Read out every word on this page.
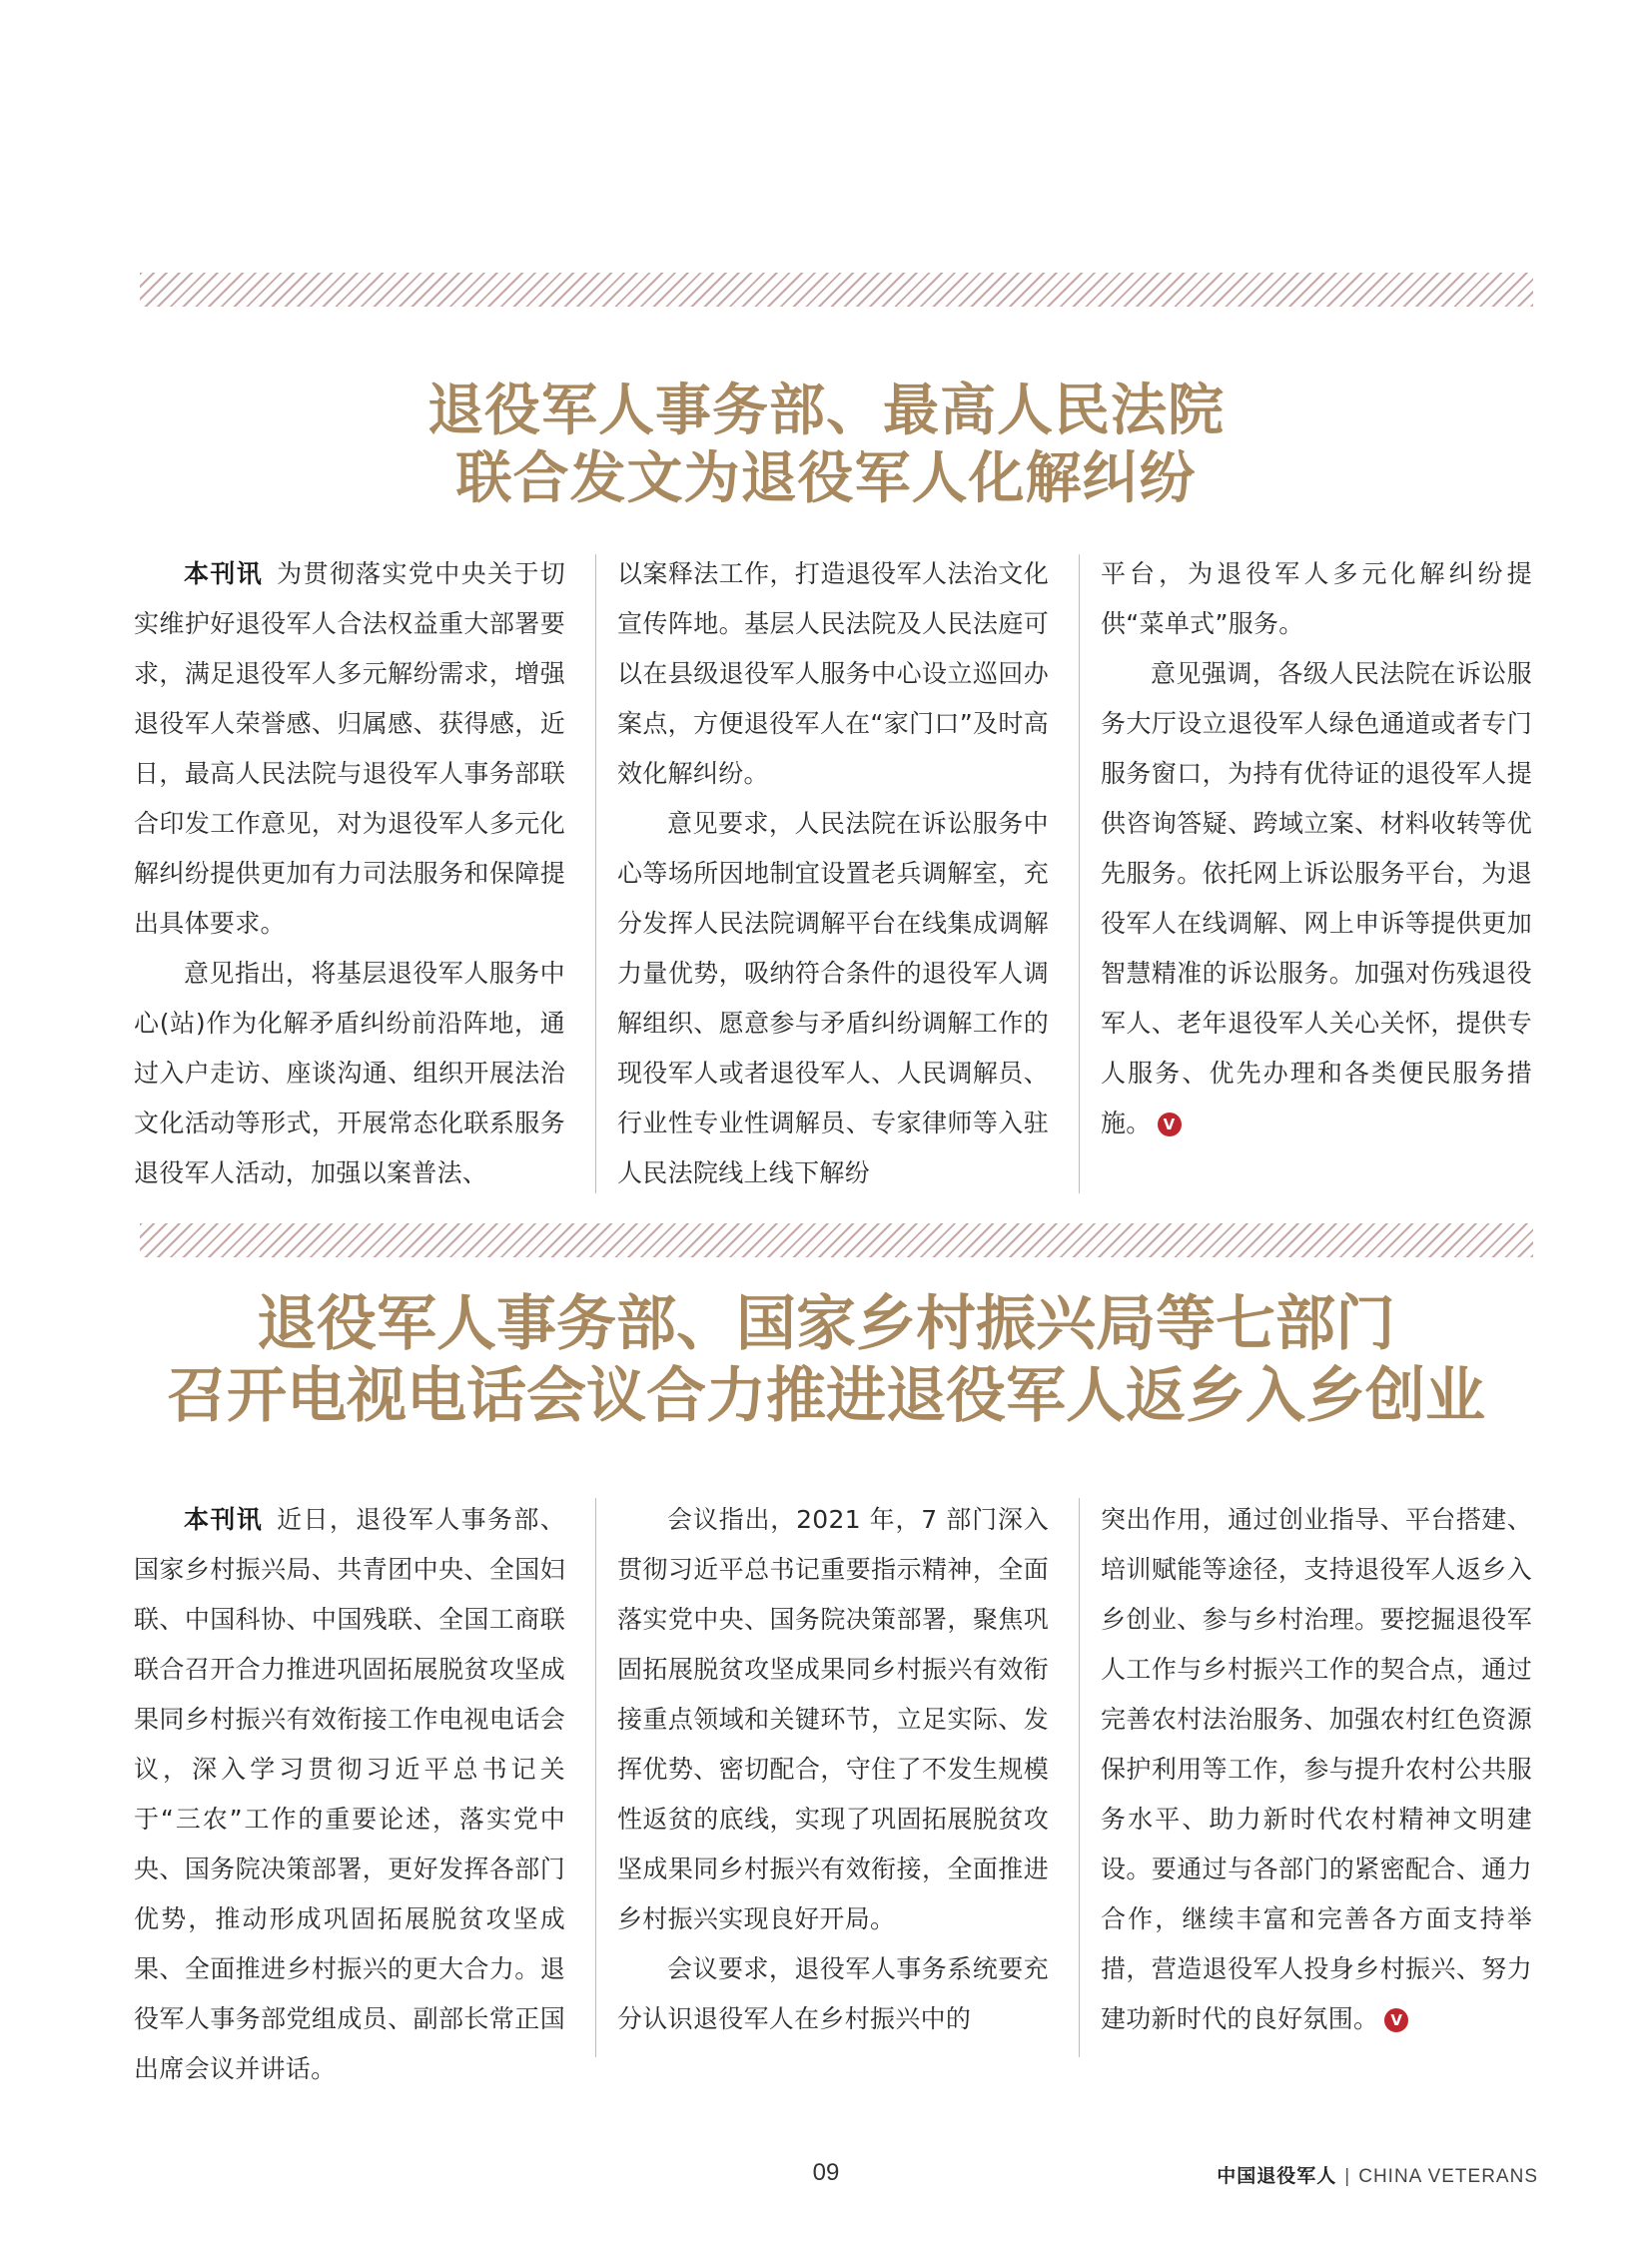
退役军人事务部、最高人民法院
联合发文为退役军人化解纠纷

本刊讯 为贯彻落实党中央关于切实维护好退役军人合法权益重大部署要求，满足退役军人多元解纷需求，增强退役军人荣誉感、归属感、获得感，近日，最高人民法院与退役军人事务部联合印发工作意见，对为退役军人多元化解纠纷提供更加有力司法服务和保障提出具体要求。

意见指出，将基层退役军人服务中心(站)作为化解矛盾纠纷前沿阵地，通过入户走访、座谈沟通、组织开展法治文化活动等形式，开展常态化联系服务退役军人活动，加强以案普法、

以案释法工作，打造退役军人法治文化宣传阵地。基层人民法院及人民法庭可以在县级退役军人服务中心设立巡回办案点，方便退役军人在“家门口”及时高效化解纠纷。

意见要求，人民法院在诉讼服务中心等场所因地制宜设置老兵调解室，充分发挥人民法院调解平台在线集成调解力量优势，吸纳符合条件的退役军人调解组织、愿意参与矛盾纠纷调解工作的现役军人或者退役军人、人民调解员、行业性专业性调解员、专家律师等入驻人民法院线上线下解纷

平台，为退役军人多元化解纠纷提供“菜单式”服务。

意见强调，各级人民法院在诉讼服务大厅设立退役军人绿色通道或者专门服务窗口，为持有优待证的退役军人提供咨询答疑、跨域立案、材料收转等优先服务。依托网上诉讼服务平台，为退役军人在线调解、网上申诉等提供更加智慧精准的诉讼服务。加强对伤残退役军人、老年退役军人关心关怀，提供专人服务、优先办理和各类便民服务措施。 V

退役军人事务部、国家乡村振兴局等七部门
召开电视电话会议合力推进退役军人返乡入乡创业

本刊讯 近日，退役军人事务部、国家乡村振兴局、共青团中央、全国妇联、中国科协、中国残联、全国工商联联合召开合力推进巩固拓展脱贫攻坚成果同乡村振兴有效衔接工作电视电话会议，深入学习贯彻习近平总书记关于“三农”工作的重要论述，落实党中央、国务院决策部署，更好发挥各部门优势，推动形成巩固拓展脱贫攻坚成果、全面推进乡村振兴的更大合力。退役军人事务部党组成员、副部长常正国出席会议并讲话。

会议指出，2021 年，7 部门深入贯彻习近平总书记重要指示精神，全面落实党中央、国务院决策部署，聚焦巩固拓展脱贫攻坚成果同乡村振兴有效衔接重点领域和关键环节，立足实际、发挥优势、密切配合，守住了不发生规模性返贫的底线，实现了巩固拓展脱贫攻坚成果同乡村振兴有效衔接，全面推进乡村振兴实现良好开局。

会议要求，退役军人事务系统要充分认识退役军人在乡村振兴中的

突出作用，通过创业指导、平台搭建、培训赋能等途径，支持退役军人返乡入乡创业、参与乡村治理。要挖掘退役军人工作与乡村振兴工作的契合点，通过完善农村法治服务、加强农村红色资源保护利用等工作，参与提升农村公共服务水平、助力新时代农村精神文明建设。要通过与各部门的紧密配合、通力合作，继续丰富和完善各方面支持举措，营造退役军人投身乡村振兴、努力建功新时代的良好氛围。 V

09	中国退役军人 | CHINA VETERANS
